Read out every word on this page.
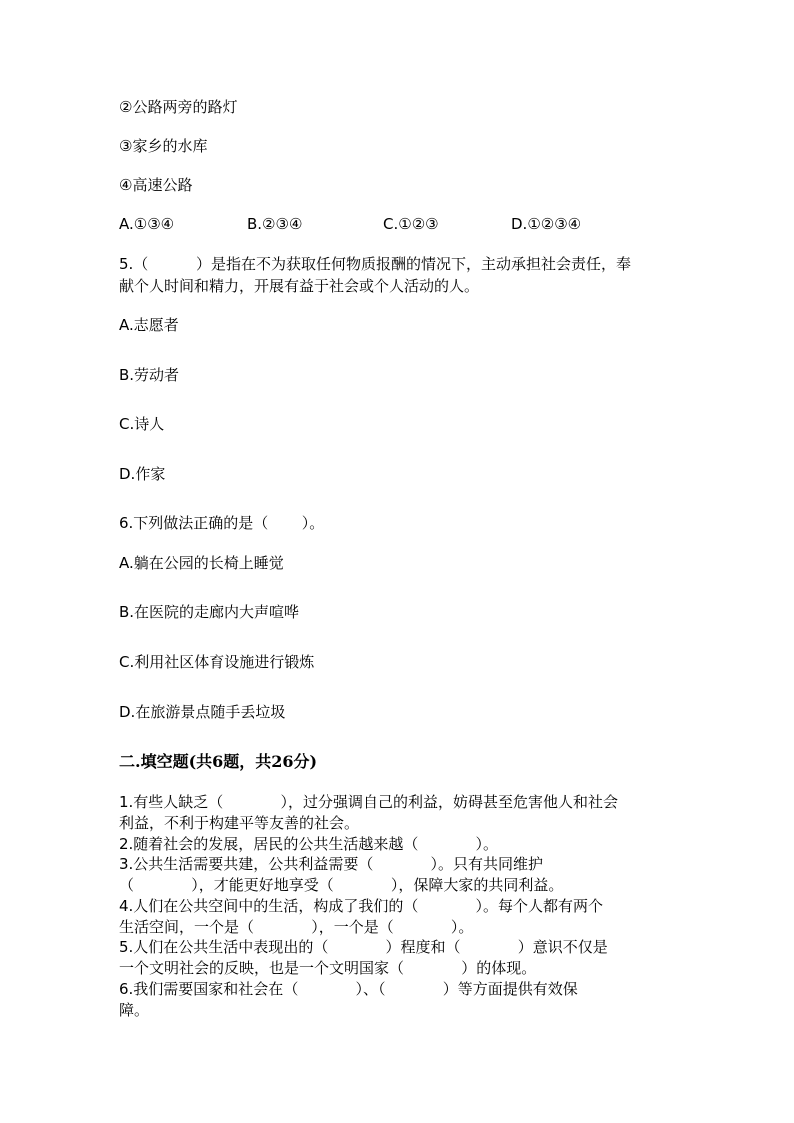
②公路两旁的路灯
③家乡的水库
④高速公路
A.①③④	B.②③④	C.①②③	D.①②③④
5.（          ）是指在不为获取任何物质报酬的情况下，主动承担社会责任，奉
献个人时间和精力，开展有益于社会或个人活动的人。
A.志愿者
B.劳动者
C.诗人
D.作家
6.下列做法正确的是（       ）。
A.躺在公园的长椅上睡觉
B.在医院的走廊内大声喧哗
C.利用社区体育设施进行锻炼
D.在旅游景点随手丢垃圾
二.填空题(共6题，共26分)
1.有些人缺乏（            ），过分强调自己的利益，妨碍甚至危害他人和社会
利益，不利于构建平等友善的社会。
2.随着社会的发展，居民的公共生活越来越（            ）。
3.公共生活需要共建，公共利益需要（            ）。只有共同维护
（            ），才能更好地享受（            ），保障大家的共同利益。
4.人们在公共空间中的生活，构成了我们的（            ）。每个人都有两个
生活空间，一个是（            ），一个是（            ）。
5.人们在公共生活中表现出的（            ）程度和（            ）意识不仅是
一个文明社会的反映，也是一个文明国家（            ）的体现。
6.我们需要国家和社会在（            ）、（            ）等方面提供有效保
障。
